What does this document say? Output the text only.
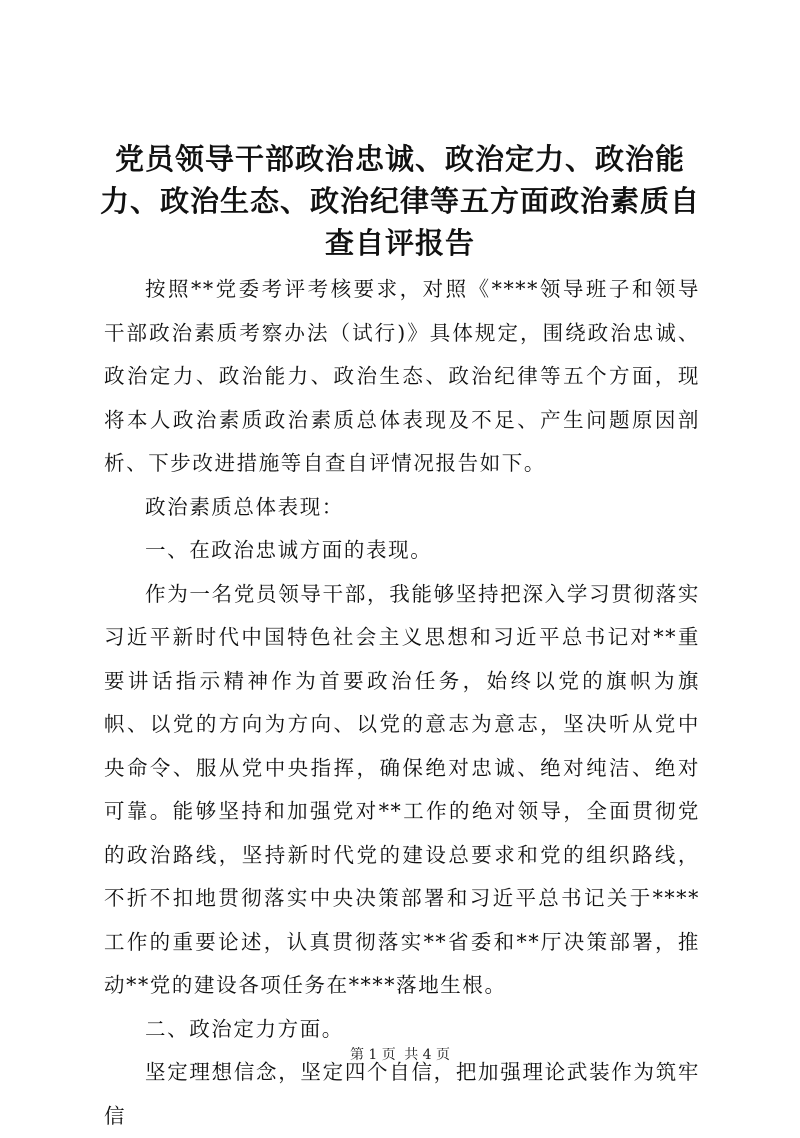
党员领导干部政治忠诚、政治定力、政治能力、政治生态、政治纪律等五方面政治素质自查自评报告

按照**党委考评考核要求，对照《****领导班子和领导干部政治素质考察办法（试行)》具体规定，围绕政治忠诚、政治定力、政治能力、政治生态、政治纪律等五个方面，现将本人政治素质政治素质总体表现及不足、产生问题原因剖析、下步改进措施等自查自评情况报告如下。

政治素质总体表现：

一、在政治忠诚方面的表现。

作为一名党员领导干部，我能够坚持把深入学习贯彻落实习近平新时代中国特色社会主义思想和习近平总书记对**重要讲话指示精神作为首要政治任务，始终以党的旗帜为旗帜、以党的方向为方向、以党的意志为意志，坚决听从党中央命令、服从党中央指挥，确保绝对忠诚、绝对纯洁、绝对可靠。能够坚持和加强党对**工作的绝对领导，全面贯彻党的政治路线，坚持新时代党的建设总要求和党的组织路线，不折不扣地贯彻落实中央决策部署和习近平总书记关于****工作的重要论述，认真贯彻落实**省委和**厅决策部署，推动**党的建设各项任务在****落地生根。

二、政治定力方面。

坚定理想信念，坚定四个自信，把加强理论武装作为筑牢信

第 1 页 共 4 页
